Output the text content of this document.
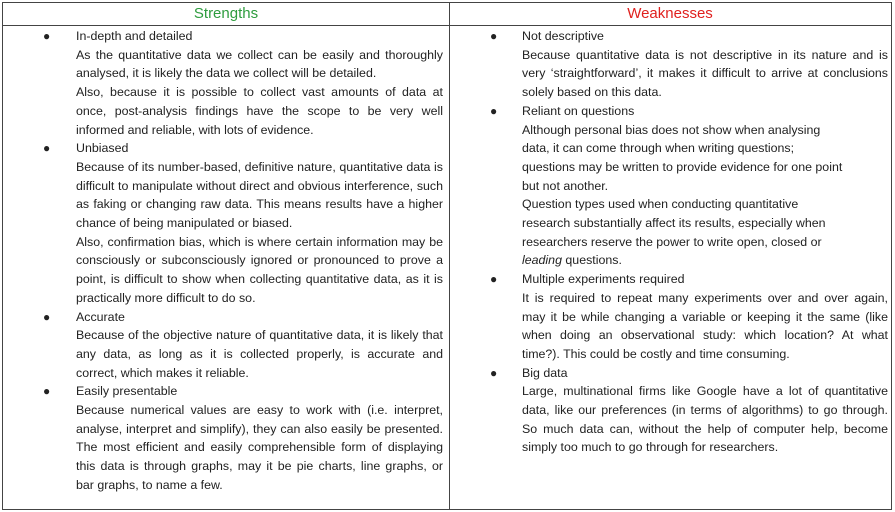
Strengths	Weaknesses
● In-depth and detailed

As the quantitative data we collect can be easily and thoroughly analysed, it is likely the data we collect will be detailed.

Also, because it is possible to collect vast amounts of data at once, post-analysis findings have the scope to be very well informed and reliable, with lots of evidence.

● Unbiased

Because of its number-based, definitive nature, quantitative data is difficult to manipulate without direct and obvious interference, such as faking or changing raw data. This means results have a higher chance of being manipulated or biased.

Also, confirmation bias, which is where certain information may be consciously or subconsciously ignored or pronounced to prove a point, is difficult to show when collecting quantitative data, as it is practically more difficult to do so.

● Accurate

Because of the objective nature of quantitative data, it is likely that any data, as long as it is collected properly, is accurate and correct, which makes it reliable.

● Easily presentable

Because numerical values are easy to work with (i.e. interpret, analyse, interpret and simplify), they can also easily be presented. The most efficient and easily comprehensible form of displaying this data is through graphs, may it be pie charts, line graphs, or bar graphs, to name a few.

● Not descriptive

Because quantitative data is not descriptive in its nature and is very ‘straightforward’, it makes it difficult to arrive at conclusions solely based on this data.

● Reliant on questions

Although personal bias does not show when analysing data, it can come through when writing questions; questions may be written to provide evidence for one point but not another.

Question types used when conducting quantitative research substantially affect its results, especially when researchers reserve the power to write open, closed or leading questions.

● Multiple experiments required

It is required to repeat many experiments over and over again, may it be while changing a variable or keeping it the same (like when doing an observational study: which location? At what time?). This could be costly and time consuming.

● Big data

Large, multinational firms like Google have a lot of quantitative data, like our preferences (in terms of algorithms) to go through. So much data can, without the help of computer help, become simply too much to go through for researchers.
